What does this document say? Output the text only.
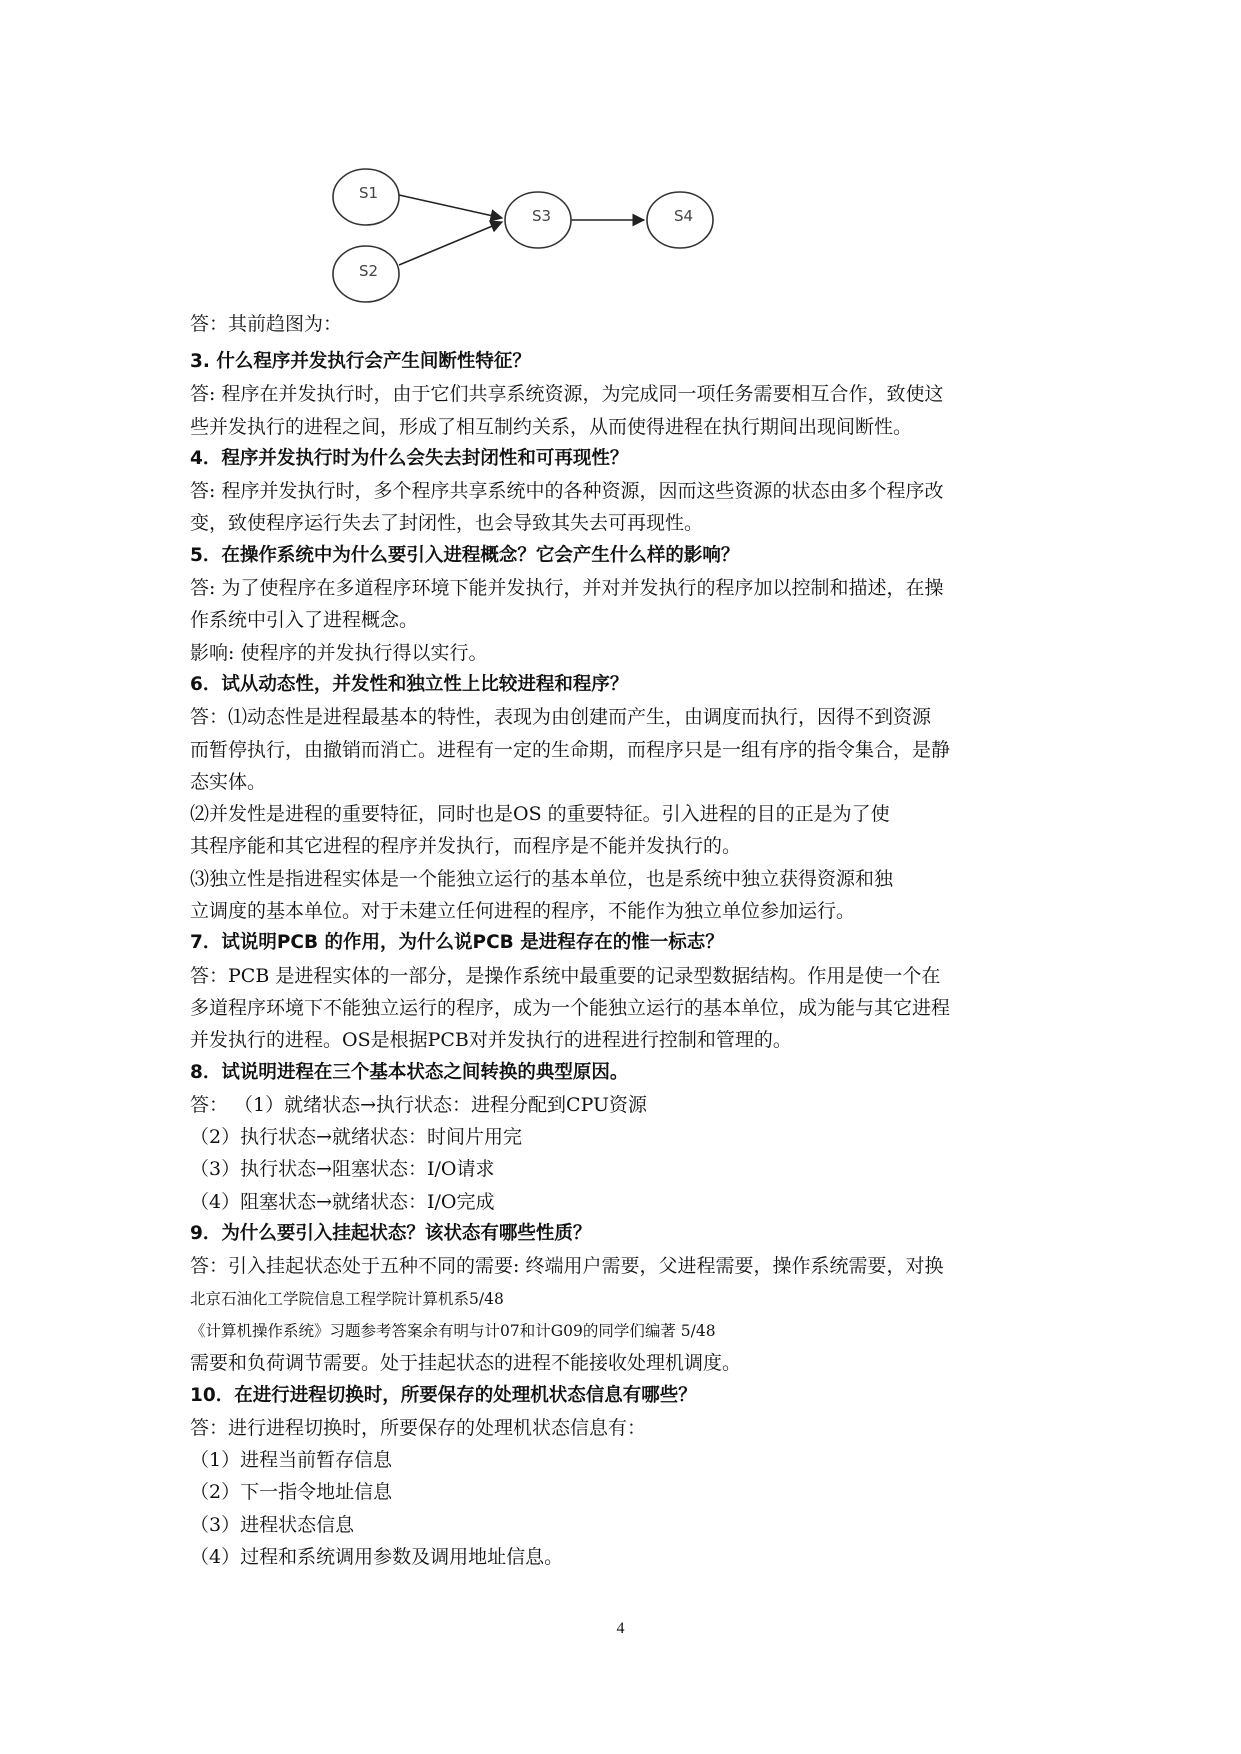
S1
S2
S3	S4
答：其前趋图为：
3. 什么程序并发执行会产生间断性特征？
答: 程序在并发执行时，由于它们共享系统资源，为完成同一项任务需要相互合作，致使这
些并发执行的进程之间，形成了相互制约关系，从而使得进程在执行期间出现间断性。
4．程序并发执行时为什么会失去封闭性和可再现性？
答: 程序并发执行时，多个程序共享系统中的各种资源，因而这些资源的状态由多个程序改
变，致使程序运行失去了封闭性，也会导致其失去可再现性。
5．在操作系统中为什么要引入进程概念？它会产生什么样的影响？
答: 为了使程序在多道程序环境下能并发执行，并对并发执行的程序加以控制和描述，在操
作系统中引入了进程概念。
影响: 使程序的并发执行得以实行。
6．试从动态性，并发性和独立性上比较进程和程序？
答：⑴动态性是进程最基本的特性，表现为由创建而产生，由调度而执行，因得不到资源
而暂停执行，由撤销而消亡。进程有一定的生命期，而程序只是一组有序的指令集合，是静
态实体。
⑵并发性是进程的重要特征，同时也是OS 的重要特征。引入进程的目的正是为了使
其程序能和其它进程的程序并发执行，而程序是不能并发执行的。
⑶独立性是指进程实体是一个能独立运行的基本单位，也是系统中独立获得资源和独
立调度的基本单位。对于未建立任何进程的程序，不能作为独立单位参加运行。
7．试说明PCB 的作用，为什么说PCB 是进程存在的惟一标志？
答：PCB 是进程实体的一部分，是操作系统中最重要的记录型数据结构。作用是使一个在
多道程序环境下不能独立运行的程序，成为一个能独立运行的基本单位，成为能与其它进程
并发执行的进程。OS是根据PCB对并发执行的进程进行控制和管理的。
8．试说明进程在三个基本状态之间转换的典型原因。
答： （1）就绪状态→执行状态：进程分配到CPU资源
（2）执行状态→就绪状态：时间片用完
（3）执行状态→阻塞状态：I/O请求
（4）阻塞状态→就绪状态：I/O完成
9．为什么要引入挂起状态？该状态有哪些性质？
答：引入挂起状态处于五种不同的需要: 终端用户需要，父进程需要，操作系统需要，对换
北京石油化工学院信息工程学院计算机系5/48
《计算机操作系统》习题参考答案余有明与计07和计G09的同学们编著 5/48
需要和负荷调节需要。处于挂起状态的进程不能接收处理机调度。
10．在进行进程切换时，所要保存的处理机状态信息有哪些？
答：进行进程切换时，所要保存的处理机状态信息有：
（1）进程当前暂存信息
（2）下一指令地址信息
（3）进程状态信息
（4）过程和系统调用参数及调用地址信息。
4
